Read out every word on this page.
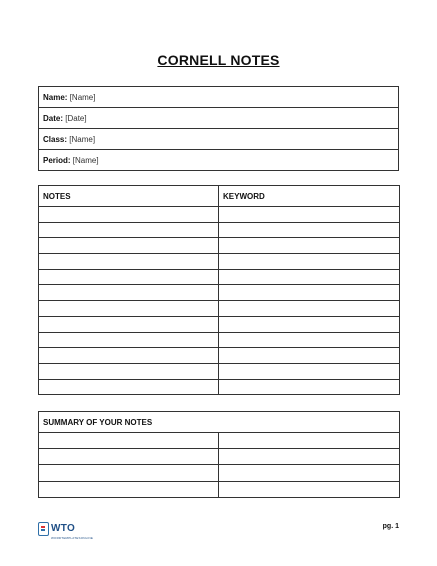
CORNELL NOTES
Name: [Name]
Date: [Date]
Class: [Name]
Period: [Name]
NOTES	KEYWORD

SUMMARY OF YOUR NOTES	

WTO
WORDTEMPLATESONLINE
pg. 1
